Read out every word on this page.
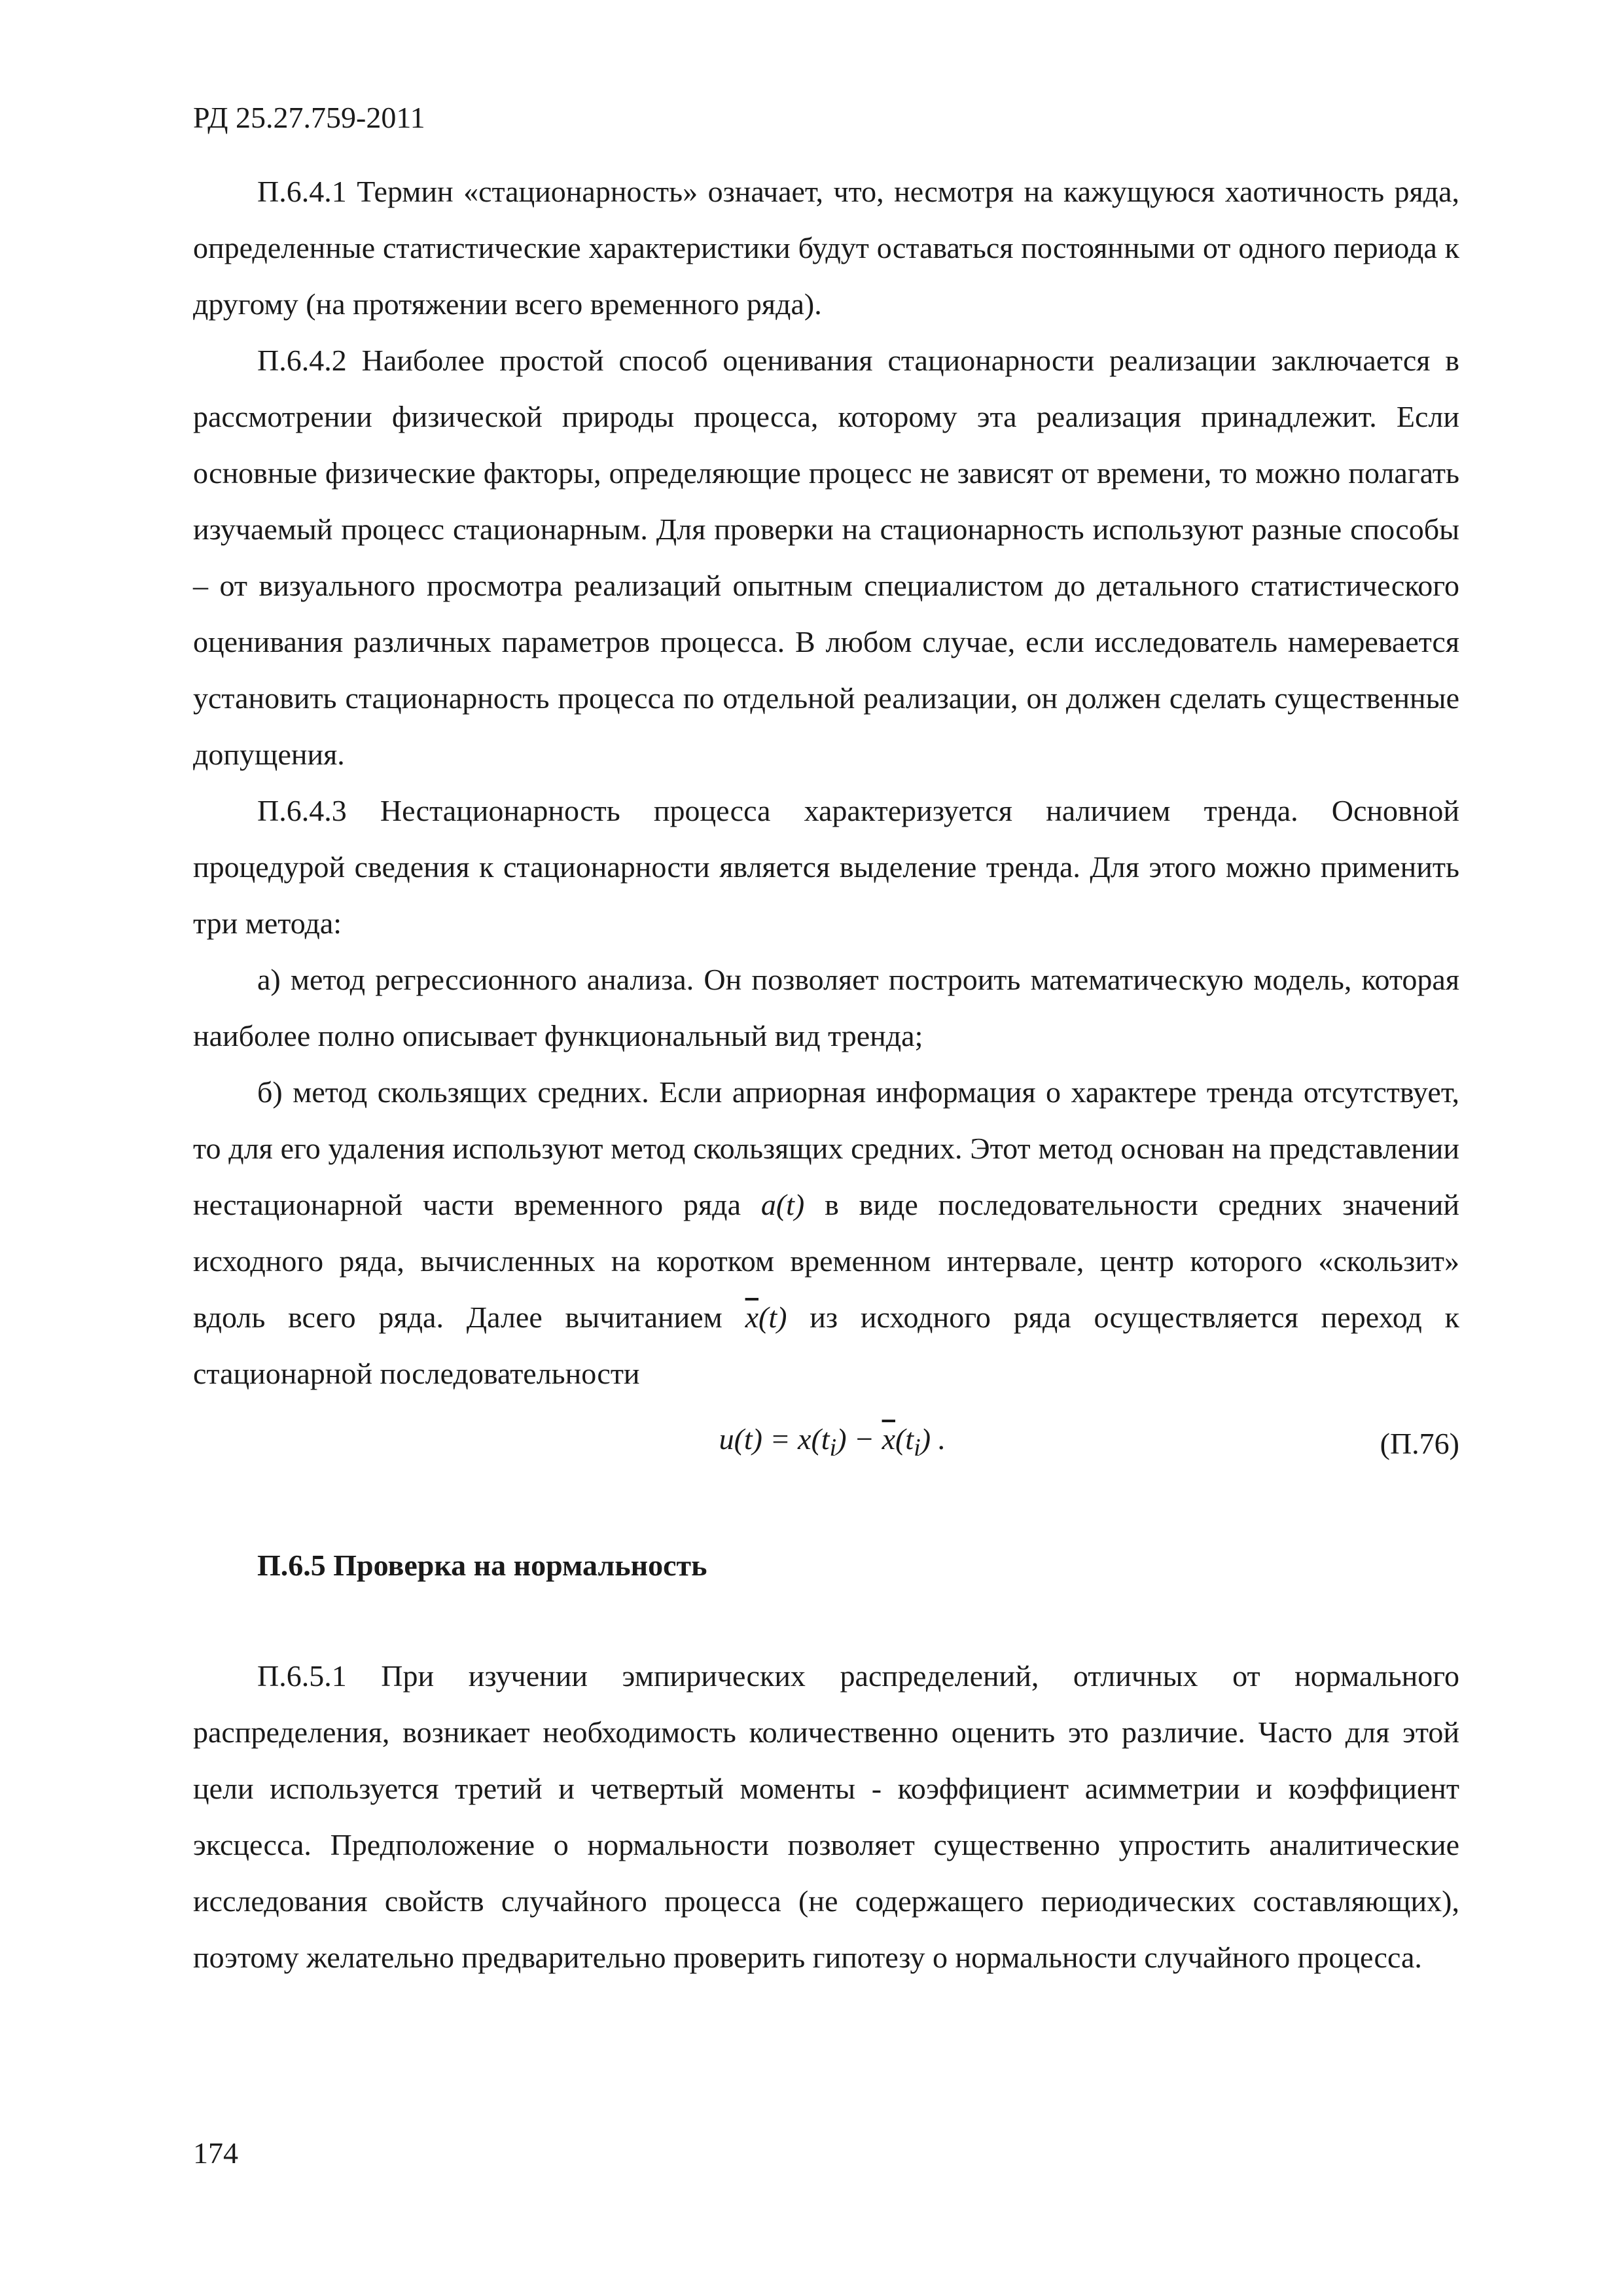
РД 25.27.759-2011

П.6.4.1 Термин «стационарность» означает, что, несмотря на кажущуюся хаотичность ряда, определенные статистические характеристики будут оставаться постоянными от одного периода к другому (на протяжении всего временного ряда).

П.6.4.2 Наиболее простой способ оценивания стационарности реализации заключается в рассмотрении физической природы процесса, которому эта реализация принадлежит. Если основные физические факторы, определяющие процесс не зависят от времени, то можно полагать изучаемый процесс стационарным. Для проверки на стационарность используют разные способы – от визуального просмотра реализаций опытным специалистом до детального статистического оценивания различных параметров процесса. В любом случае, если исследователь намеревается установить стационарность процесса по отдельной реализации, он должен сделать существенные допущения.

П.6.4.3 Нестационарность процесса характеризуется наличием тренда. Основной процедурой сведения к стационарности является выделение тренда. Для этого можно применить три метода:

а) метод регрессионного анализа. Он позволяет построить математическую модель, которая наиболее полно описывает функциональный вид тренда;

б) метод скользящих средних. Если априорная информация о характере тренда отсутствует, то для его удаления используют метод скользящих средних. Этот метод основан на представлении нестационарной части временного ряда a(t) в виде последовательности средних значений исходного ряда, вычисленных на коротком временном интервале, центр которого «скользит» вдоль всего ряда. Далее вычитанием $\overline{x}(t)$ из исходного ряда осуществляется переход к стационарной последовательности

$u(t) = x(t_i) - \overline{x}(t_i)$ .	(П.76)
П.6.5 Проверка на нормальность

П.6.5.1 При изучении эмпирических распределений, отличных от нормального распределения, возникает необходимость количественно оценить это различие. Часто для этой цели используется третий и четвертый моменты - коэффициент асимметрии и коэффициент эксцесса. Предположение о нормальности позволяет существенно упростить аналитические исследования свойств случайного процесса (не содержащего периодических составляющих), поэтому желательно предварительно проверить гипотезу о нормальности случайного процесса.

174
